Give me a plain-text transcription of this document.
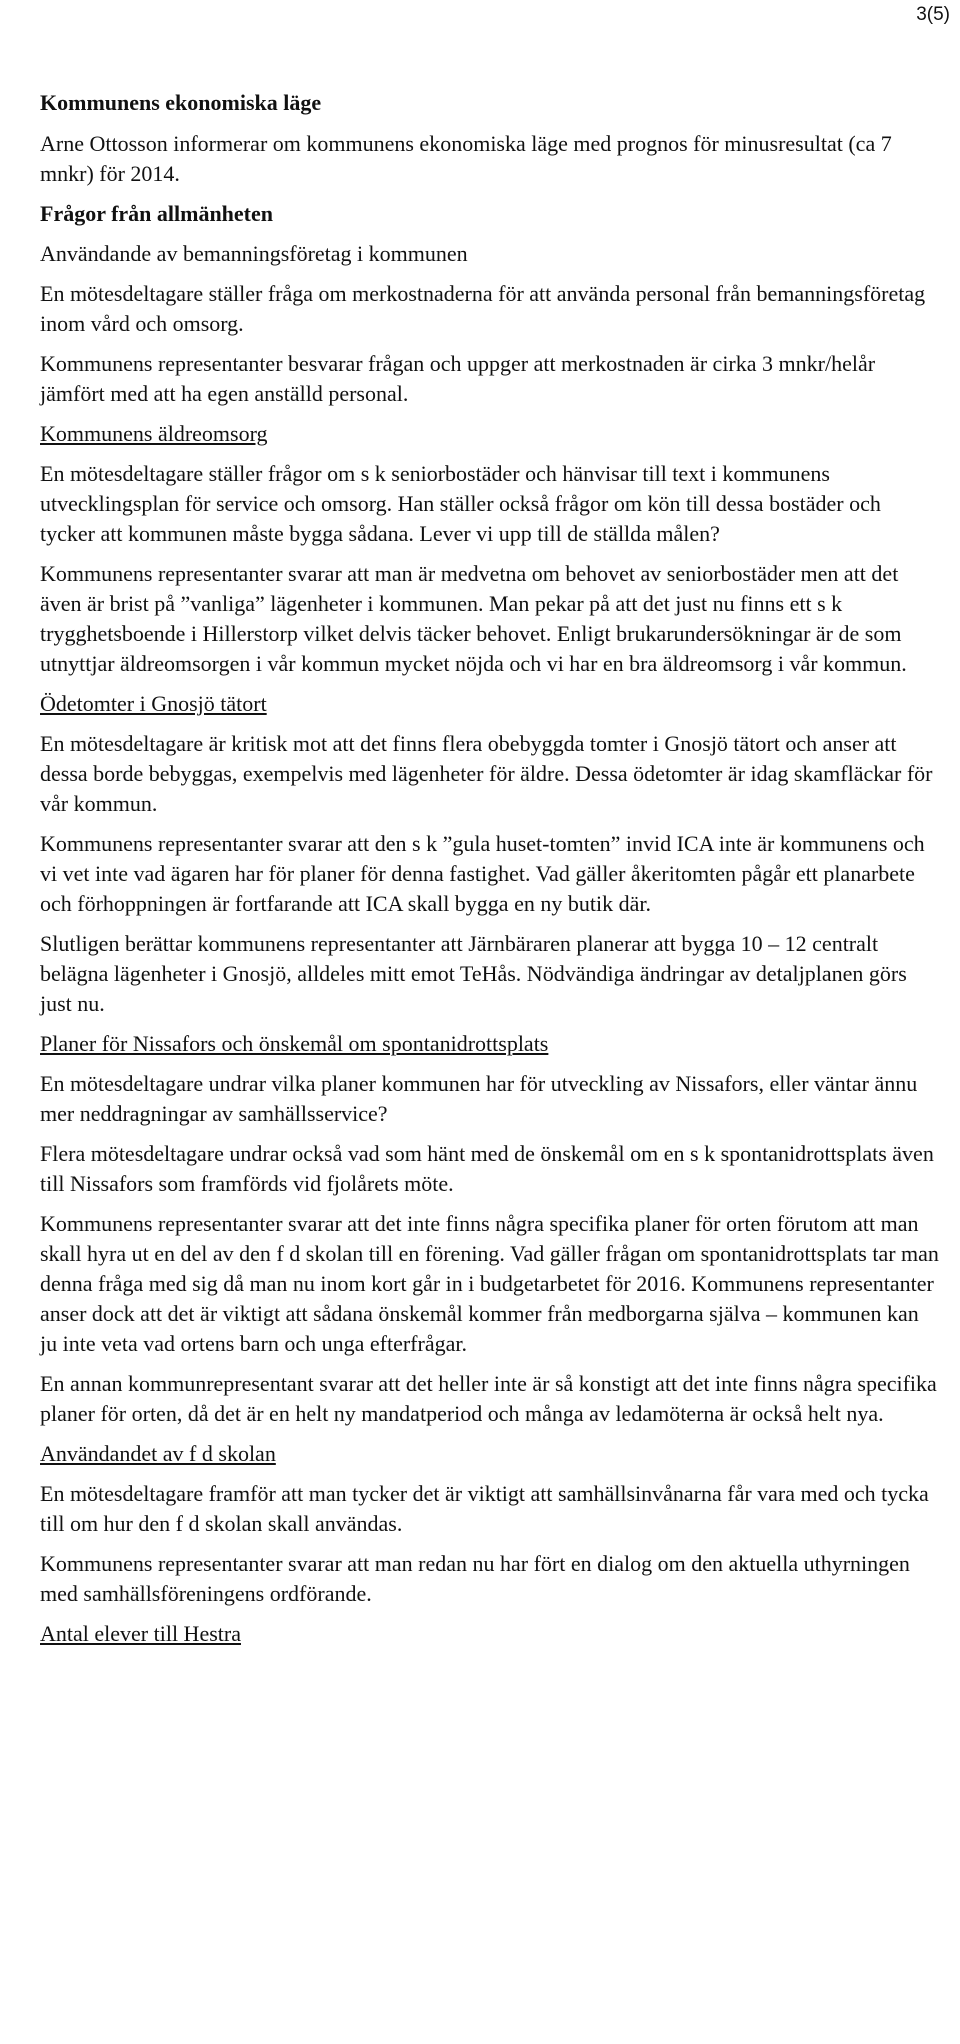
3(5)

Kommunens ekonomiska läge

Arne Ottosson informerar om kommunens ekonomiska läge med prognos för minusresultat (ca 7 mnkr) för 2014.

Frågor från allmänheten

Användande av bemanningsföretag i kommunen

En mötesdeltagare ställer fråga om merkostnaderna för att använda personal från bemanningsföretag inom vård och omsorg.

Kommunens representanter besvarar frågan och uppger att merkostnaden är cirka 3 mnkr/helår jämfört med att ha egen anställd personal.

Kommunens äldreomsorg

En mötesdeltagare ställer frågor om s k seniorbostäder och hänvisar till text i kommunens utvecklingsplan för service och omsorg. Han ställer också frågor om kön till dessa bostäder och tycker att kommunen måste bygga sådana. Lever vi upp till de ställda målen?

Kommunens representanter svarar att man är medvetna om behovet av seniorbostäder men att det även är brist på ”vanliga” lägenheter i kommunen. Man pekar på att det just nu finns ett s k trygghetsboende i Hillerstorp vilket delvis täcker behovet. Enligt brukarundersökningar är de som utnyttjar äldreomsorgen i vår kommun mycket nöjda och vi har en bra äldreomsorg i vår kommun.

Ödetomter i Gnosjö tätort

En mötesdeltagare är kritisk mot att det finns flera obebyggda tomter i Gnosjö tätort och anser att dessa borde bebyggas, exempelvis med lägenheter för äldre. Dessa ödetomter är idag skamfläckar för vår kommun.

Kommunens representanter svarar att den s k ”gula huset-tomten” invid ICA inte är kommunens och vi vet inte vad ägaren har för planer för denna fastighet. Vad gäller åkeritomten pågår ett planarbete och förhoppningen är fortfarande att ICA skall bygga en ny butik där.

Slutligen berättar kommunens representanter att Järnbäraren planerar att bygga 10 – 12 centralt belägna lägenheter i Gnosjö, alldeles mitt emot TeHås. Nödvändiga ändringar av detaljplanen görs just nu.

Planer för Nissafors och önskemål om spontanidrottsplats

En mötesdeltagare undrar vilka planer kommunen har för utveckling av Nissafors, eller väntar ännu mer neddragningar av samhällsservice?

Flera mötesdeltagare undrar också vad som hänt med de önskemål om en s k spontanidrottsplats även till Nissafors som framförds vid fjolårets möte.

Kommunens representanter svarar att det inte finns några specifika planer för orten förutom att man skall hyra ut en del av den f d skolan till en förening. Vad gäller frågan om spontanidrottsplats tar man denna fråga med sig då man nu inom kort går in i budgetarbetet för 2016. Kommunens representanter anser dock att det är viktigt att sådana önskemål kommer från medborgarna själva – kommunen kan ju inte veta vad ortens barn och unga efterfrågar.

En annan kommunrepresentant svarar att det heller inte är så konstigt att det inte finns några specifika planer för orten, då det är en helt ny mandatperiod och många av ledamöterna är också helt nya.

Användandet av f d skolan

En mötesdeltagare framför att man tycker det är viktigt att samhällsinvånarna får vara med och tycka till om hur den f d skolan skall användas.

Kommunens representanter svarar att man redan nu har fört en dialog om den aktuella uthyrningen med samhällsföreningens ordförande.

Antal elever till Hestra
